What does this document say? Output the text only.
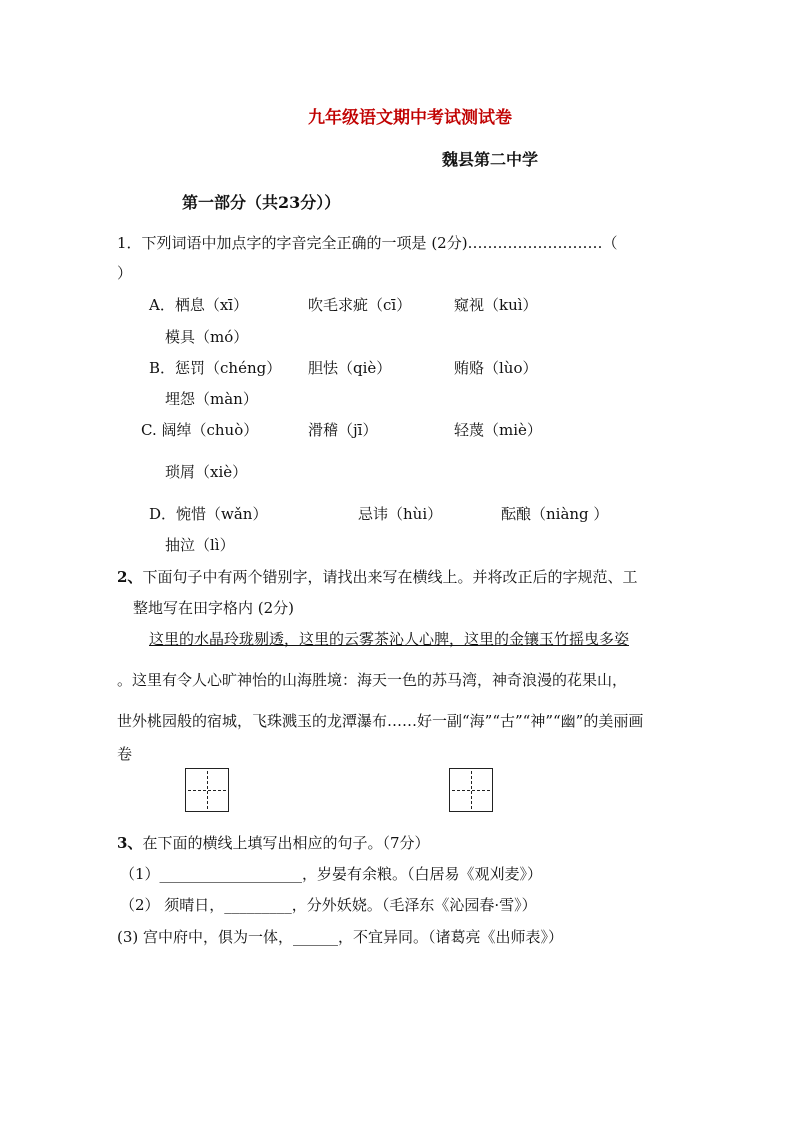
九年级语文期中考试测试卷
魏县第二中学
第一部分（共23分））
1．下列词语中加点字的字音完全正确的一项是 (2分)………………………（
）
A．栖息（xī）	吹毛求疵（cī）	窥视（kuì）
模具（mó）
B．惩罚（chéng） 胆怯（qiè）	贿赂（lùo）
埋怨（màn）
C. 阔绰（chuò）	滑稽（jī）	轻蔑（miè）
琐屑（xiè）
D．惋惜（wǎn）	忌讳（hùi）	酝酿（niàng ）
抽泣（lì）
2、下面句子中有两个错别字，请找出来写在横线上。并将改正后的字规范、工
整地写在田字格内 (2分)
这里的水晶玲珑剔透，这里的云雾茶沁人心脾，这里的金镶玉竹摇曳多姿
。这里有令人心旷神怡的山海胜境：海天一色的苏马湾，神奇浪漫的花果山，
世外桃园般的宿城，飞珠溅玉的龙潭瀑布……好一副“海”“古”“神”“幽”的美丽画
卷
3、在下面的横线上填写出相应的句子。（7分）
（1）___________________，岁晏有余粮。（白居易《观刈麦》）
（2） 须晴日，_________，分外妖娆。（毛泽东《沁园春·雪》）
(3) 宫中府中，俱为一体，______，不宜异同。（诸葛亮《出师表》）
